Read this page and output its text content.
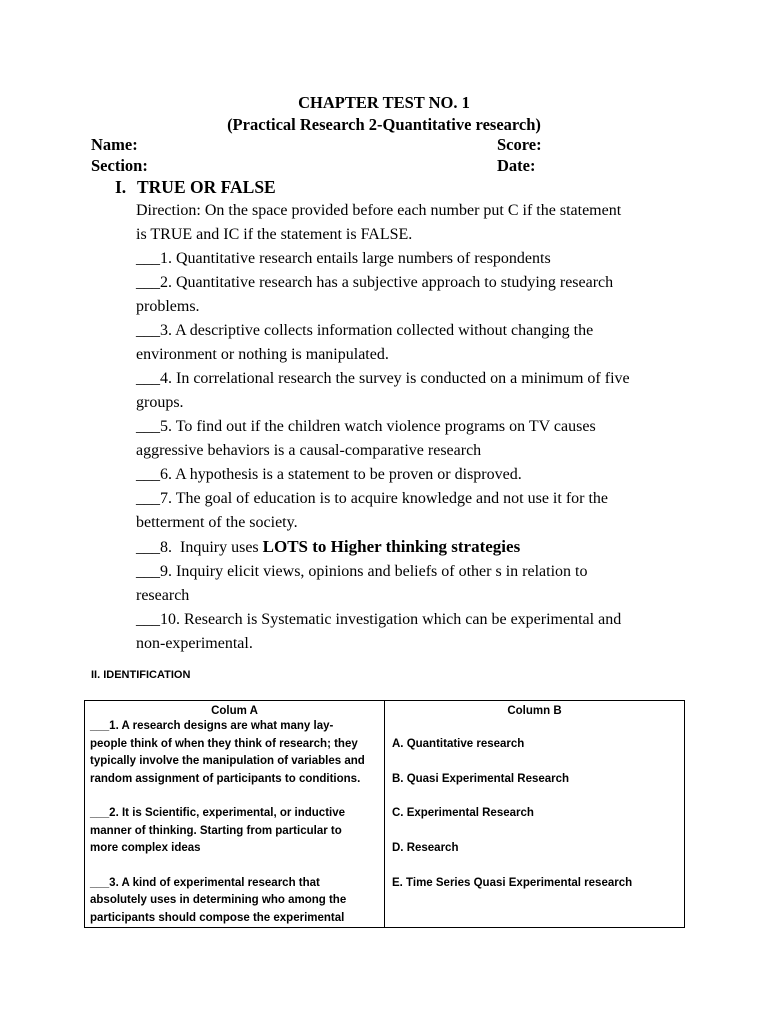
CHAPTER TEST NO. 1
(Practical Research 2-Quantitative research)
Name:	Score:
Section:	Date:
I. TRUE OR FALSE
Direction: On the space provided before each number put C if the statement
is TRUE and IC if the statement is FALSE.
___1. Quantitative research entails large numbers of respondents
___2. Quantitative research has a subjective approach to studying research
problems.
___3. A descriptive collects information collected without changing the
environment or nothing is manipulated.
___4. In correlational research the survey is conducted on a minimum of five
groups.
___5. To find out if the children watch violence programs on TV causes
aggressive behaviors is a causal-comparative research
___6. A hypothesis is a statement to be proven or disproved.
___7. The goal of education is to acquire knowledge and not use it for the
betterment of the society.
___8.  Inquiry uses LOTS to Higher thinking strategies
___9. Inquiry elicit views, opinions and beliefs of other s in relation to
research
___10. Research is Systematic investigation which can be experimental and
non-experimental.
II. IDENTIFICATION
Colum A
___1. A research designs are what many lay-
people think of when they think of research; they
typically involve the manipulation of variables and
random assignment of participants to conditions.
___2. It is Scientific, experimental, or inductive
manner of thinking. Starting from particular to
more complex ideas
___3. A kind of experimental research that
absolutely uses in determining who among the
participants should compose the experimental
Column B
A. Quantitative research
B. Quasi Experimental Research
C. Experimental Research
D. Research
E. Time Series Quasi Experimental research
